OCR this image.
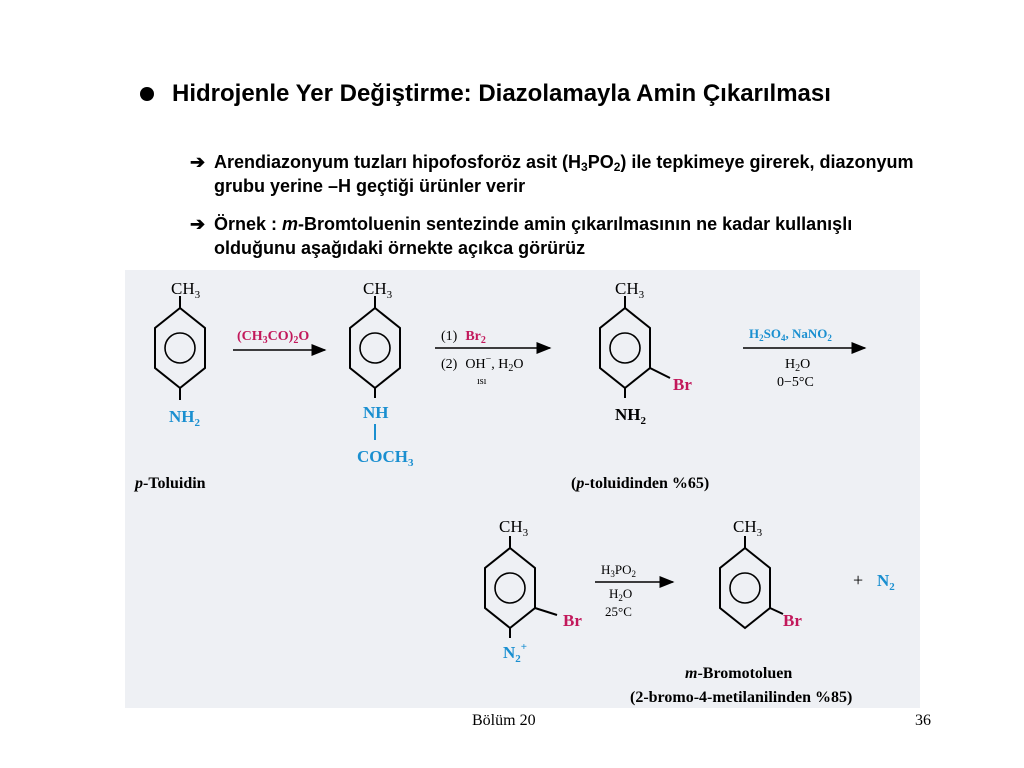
Hidrojenle Yer Değiştirme: Diazolamayla Amin Çıkarılması
➔ Arendiazonyum tuzları hipofosforöz asit $(H_3PO_2)$ ile tepkimeye girerek, diazonyum grubu yerine –H geçtiği ürünler verir
➔ Örnek : m-Bromtoluenin sentezinde amin çıkarılmasının ne kadar kullanışlı olduğunu aşağıdaki örnekte açıkca görürüz
$CH_3$
$NH_2$
p-Toluidin
$(CH_3CO)_2O$
$CH_3$
NH
$COCH_3$
(1) $Br_2$
(2) OH−, $H_2O$
ısı
$CH_3$
Br
$NH_2$
(p-toluidinden %65)
$H_2SO_4$, NaNO$_2$
$H_2O$
0−5°C
$CH_3$
Br
$N_2^+$
$H_3PO_2$
$H_2O$
25°C
$CH_3$
Br
m-Bromotoluen
(2-bromo-4-metilanilinden %85)
+ $N_2$
Bölüm 20	36
